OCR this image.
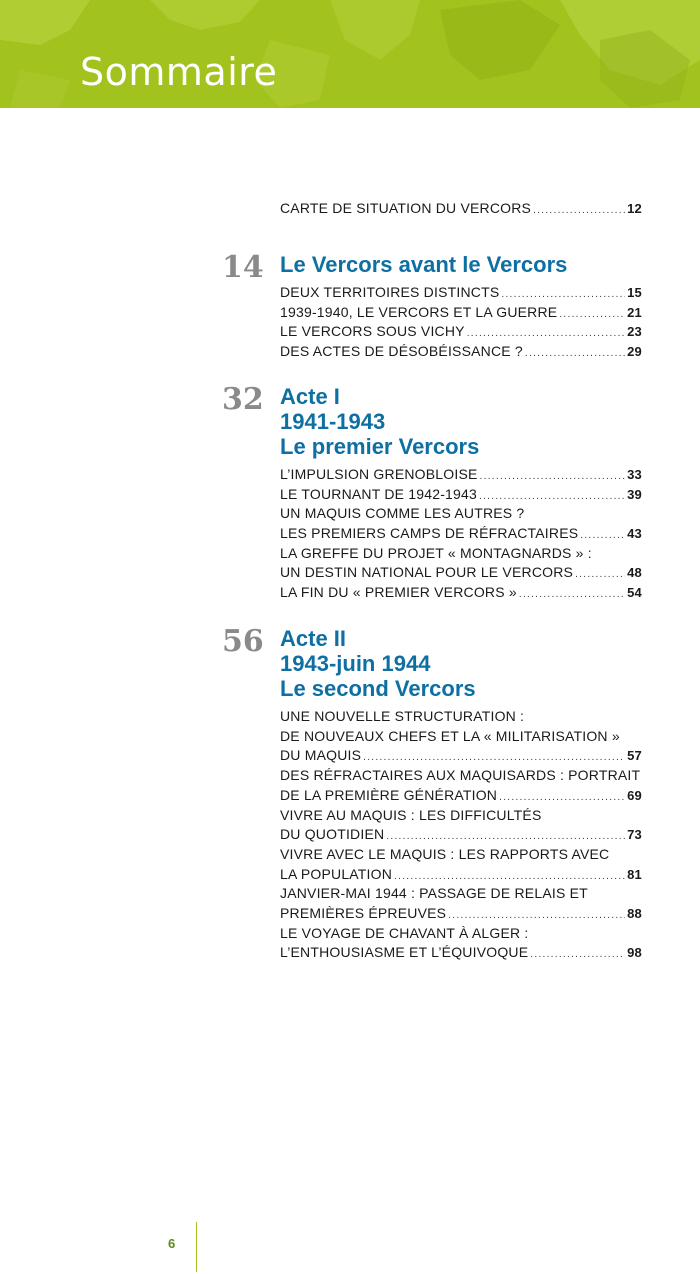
Sommaire
CARTE DE SITUATION DU VERCORS .....	12
14 Le Vercors avant le Vercors
DEUX TERRITOIRES DISTINCTS .....	15
1939-1940, LE VERCORS ET LA GUERRE .....	21
LE VERCORS SOUS VICHY .....	23
DES ACTES DE DÉSOBÉISSANCE ? .....	29
32 Acte I
1941-1943
Le premier Vercors
L’IMPULSION GRENOBLOISE .....	33
LE TOURNANT DE 1942-1943 .....	39
UN MAQUIS COMME LES AUTRES ?
LES PREMIERS CAMPS DE RÉFRACTAIRES .....	43
LA GREFFE DU PROJET « MONTAGNARDS » :
UN DESTIN NATIONAL POUR LE VERCORS .....	48
LA FIN DU « PREMIER VERCORS » .....	54
56 Acte II
1943-juin 1944
Le second Vercors
UNE NOUVELLE STRUCTURATION :
DE NOUVEAUX CHEFS ET LA « MILITARISATION »
DU MAQUIS .....	57
DES RÉFRACTAIRES AUX MAQUISARDS : PORTRAIT
DE LA PREMIÈRE GÉNÉRATION .....	69
VIVRE AU MAQUIS : LES DIFFICULTÉS
DU QUOTIDIEN .....	73
VIVRE AVEC LE MAQUIS : LES RAPPORTS AVEC
LA POPULATION .....	81
JANVIER-MAI 1944 : PASSAGE DE RELAIS ET
PREMIÈRES ÉPREUVES .....	88
LE VOYAGE DE CHAVANT À ALGER :
L’ENTHOUSIASME ET L’ÉQUIVOQUE .....	98
6
